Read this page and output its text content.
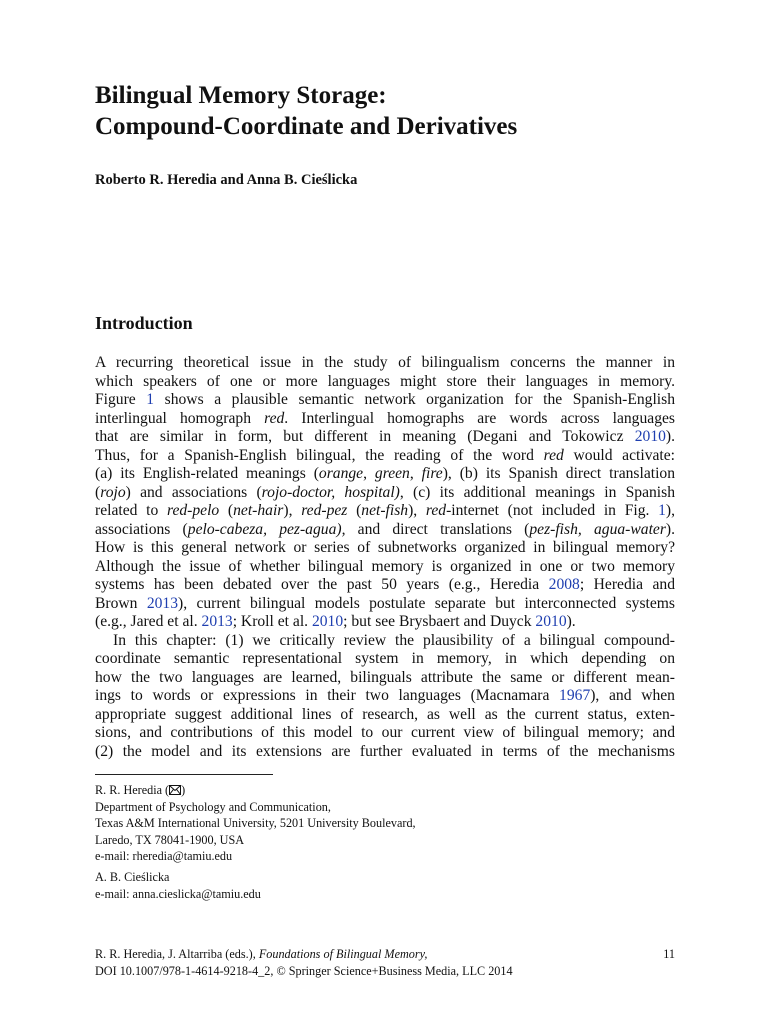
Bilingual Memory Storage:
Compound-Coordinate and Derivatives
Roberto R. Heredia and Anna B. Cieślicka
Introduction
A recurring theoretical issue in the study of bilingualism concerns the manner in
which speakers of one or more languages might store their languages in memory.
Figure 1 shows a plausible semantic network organization for the Spanish-English
interlingual homograph red. Interlingual homographs are words across languages
that are similar in form, but different in meaning (Degani and Tokowicz 2010).
Thus, for a Spanish-English bilingual, the reading of the word red would activate:
(a) its English-related meanings (orange, green, fire), (b) its Spanish direct translation
(rojo) and associations (rojo-doctor, hospital), (c) its additional meanings in Spanish
related to red-pelo (net-hair), red-pez (net-fish), red-internet (not included in Fig. 1),
associations (pelo-cabeza, pez-agua), and direct translations (pez-fish, agua-water).
How is this general network or series of subnetworks organized in bilingual memory?
Although the issue of whether bilingual memory is organized in one or two memory
systems has been debated over the past 50 years (e.g., Heredia 2008; Heredia and
Brown 2013), current bilingual models postulate separate but interconnected systems
(e.g., Jared et al. 2013; Kroll et al. 2010; but see Brysbaert and Duyck 2010).
In this chapter: (1) we critically review the plausibility of a bilingual compound-
coordinate semantic representational system in memory, in which depending on
how the two languages are learned, bilinguals attribute the same or different mean-
ings to words or expressions in their two languages (Macnamara 1967), and when
appropriate suggest additional lines of research, as well as the current status, exten-
sions, and contributions of this model to our current view of bilingual memory; and
(2) the model and its extensions are further evaluated in terms of the mechanisms
R. R. Heredia ( )
Department of Psychology and Communication,
Texas A&M International University, 5201 University Boulevard,
Laredo, TX 78041-1900, USA
e-mail: rheredia@tamiu.edu
A. B. Cieślicka
e-mail: anna.cieslicka@tamiu.edu
R. R. Heredia, J. Altarriba (eds.), Foundations of Bilingual Memory,
DOI 10.1007/978-1-4614-9218-4_2, © Springer Science+Business Media, LLC 2014
11
